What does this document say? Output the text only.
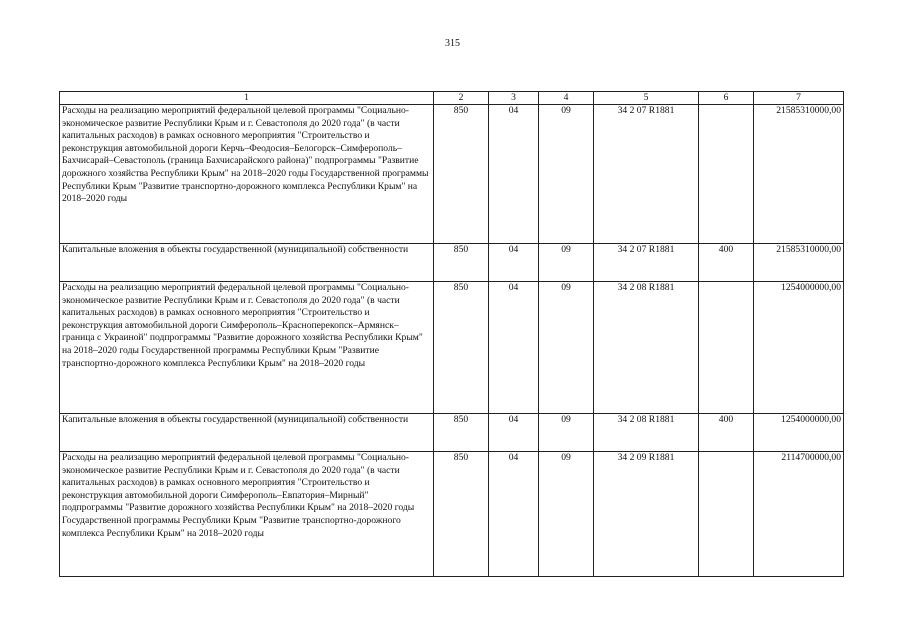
315
1	2	3	4	5	6	7
Расходы на реализацию мероприятий федеральной целевой программы "Социально-экономическое развитие Республики Крым и г. Севастополя до 2020 года" (в части капитальных расходов) в рамках основного мероприятия "Строительство и реконструкция автомобильной дороги Керчь–Феодосия–Белогорск–Симферополь–Бахчисарай–Севастополь (граница Бахчисарайского района)" подпрограммы "Развитие дорожного хозяйства Республики Крым" на 2018–2020 годы Государственной программы Республики Крым "Развитие транспортно-дорожного комплекса Республики Крым" на 2018–2020 годы	850	04	09	34 2 07 R1881		21585310000,00
Капитальные вложения в объекты государственной (муниципальной) собственности	850	04	09	34 2 07 R1881	400	21585310000,00
Расходы на реализацию мероприятий федеральной целевой программы "Социально-экономическое развитие Республики Крым и г. Севастополя до 2020 года" (в части капитальных расходов) в рамках основного мероприятия "Строительство и реконструкция автомобильной дороги Симферополь–Красноперекопск–Армянск–граница с Украиной" подпрограммы "Развитие дорожного хозяйства Республики Крым" на 2018–2020 годы Государственной программы Республики Крым "Развитие транспортно-дорожного комплекса Республики Крым" на 2018–2020 годы	850	04	09	34 2 08 R1881		1254000000,00
Капитальные вложения в объекты государственной (муниципальной) собственности	850	04	09	34 2 08 R1881	400	1254000000,00
Расходы на реализацию мероприятий федеральной целевой программы "Социально-экономическое развитие Республики Крым и г. Севастополя до 2020 года" (в части капитальных расходов) в рамках основного мероприятия "Строительство и реконструкция автомобильной дороги Симферополь–Евпатория–Мирный" подпрограммы "Развитие дорожного хозяйства Республики Крым" на 2018–2020 годы Государственной программы Республики Крым "Развитие транспортно-дорожного комплекса Республики Крым" на 2018–2020 годы	850	04	09	34 2 09 R1881		2114700000,00
